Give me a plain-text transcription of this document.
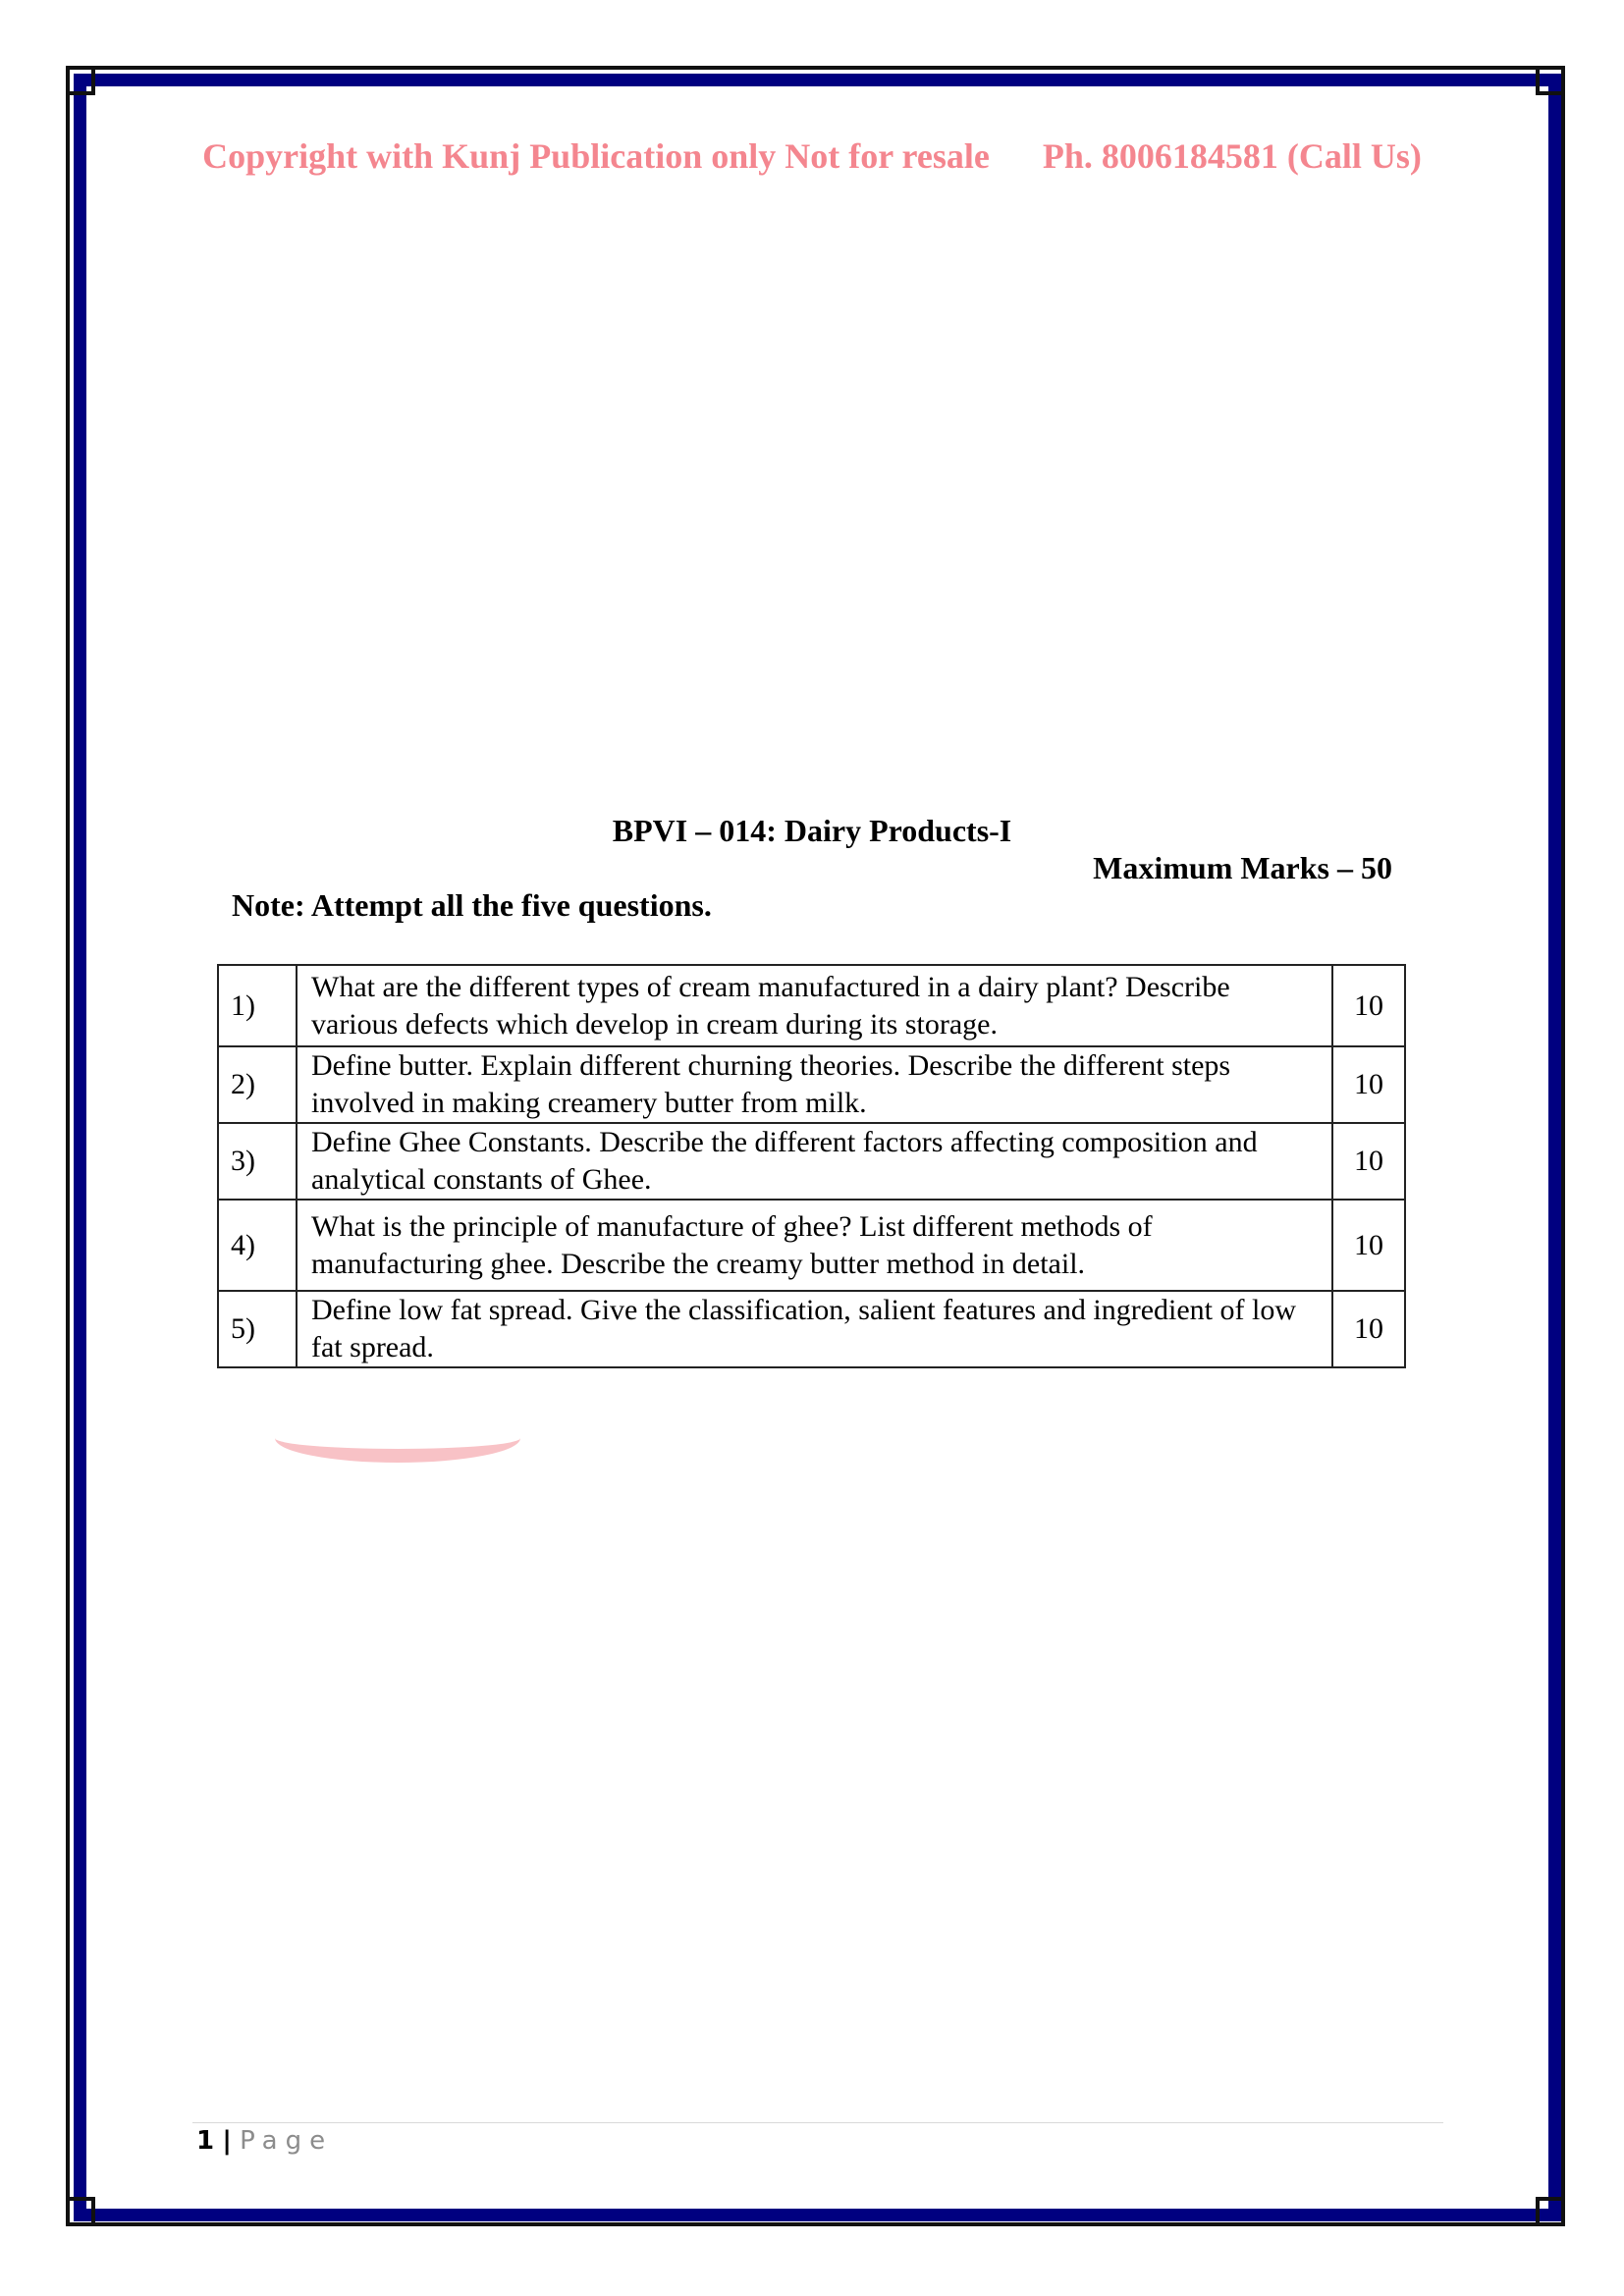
Copyright with Kunj Publication only Not for resale Ph. 8006184581 (Call Us)
BPVI – 014: Dairy Products-I
Maximum Marks – 50
Note: Attempt all the five questions.
1)	What are the different types of cream manufactured in a dairy plant? Describe various defects which develop in cream during its storage.	10
2)	Define butter. Explain different churning theories. Describe the different steps involved in making creamery butter from milk.	10
3)	Define Ghee Constants. Describe the different factors affecting composition and analytical constants of Ghee.	10
4)	What is the principle of manufacture of ghee? List different methods of manufacturing ghee. Describe the creamy butter method in detail.	10
5)	Define low fat spread. Give the classification, salient features and ingredient of low fat spread.	10
1 | Page
